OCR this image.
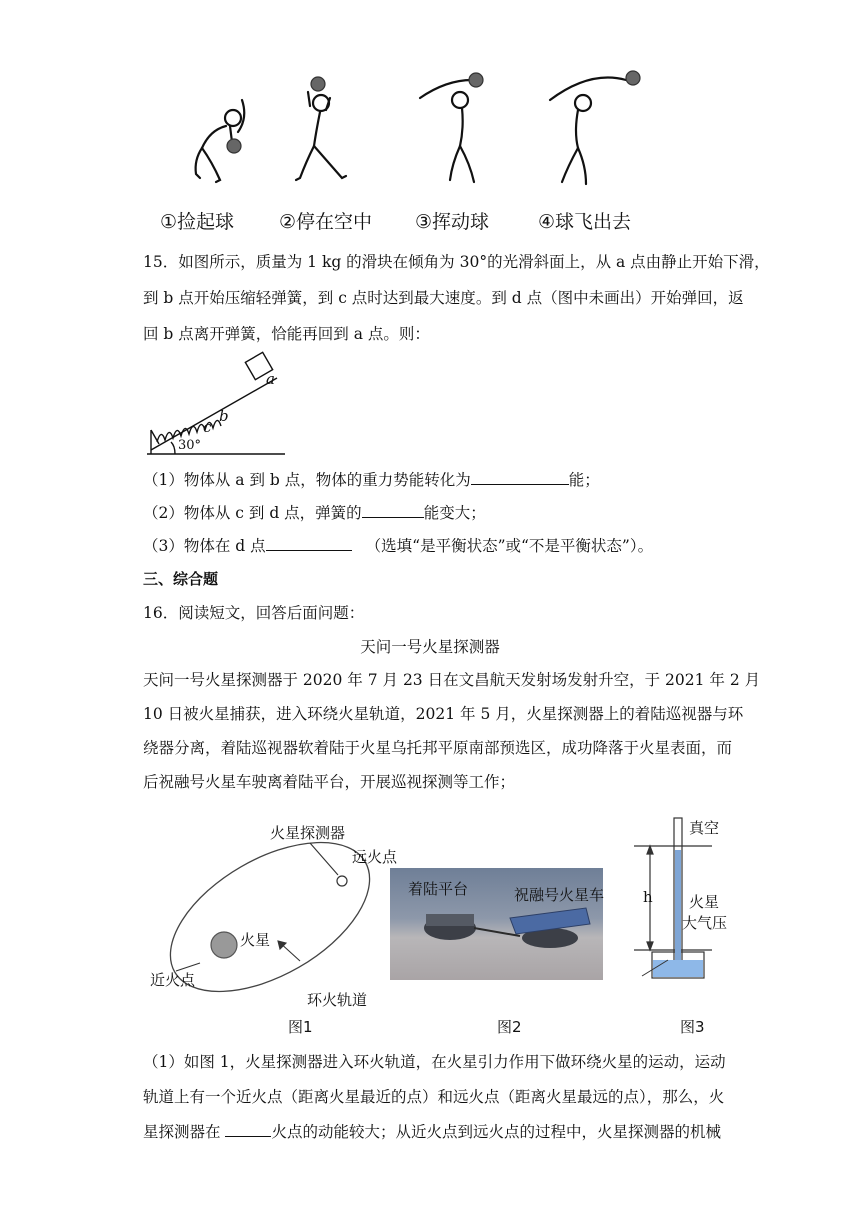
①捡起球 ②停在空中 ③挥动球	④球飞出去
15．如图所示，质量为 1 kg 的滑块在倾角为 30°的光滑斜面上，从 a 点由静止开始下滑，
到 b 点开始压缩轻弹簧，到 c 点时达到最大速度。到 d 点（图中未画出）开始弹回，返
回 b 点离开弹簧，恰能再回到 a 点。则：
a
b
c
30°
（1）物体从 a 到 b 点，物体的重力势能转化为	能；
（2）物体从 c 到 d 点，弹簧的	能变大；
（3）物体在 d 点	（选填“是平衡状态”或“不是平衡状态”）。
三、综合题
16．阅读短文，回答后面问题：
天问一号火星探测器
天问一号火星探测器于 2020 年 7 月 23 日在文昌航天发射场发射升空，于 2021 年 2 月
10 日被火星捕获，进入环绕火星轨道，2021 年 5 月，火星探测器上的着陆巡视器与环
绕器分离，着陆巡视器软着陆于火星乌托邦平原南部预选区，成功降落于火星表面，而
后祝融号火星车驶离着陆平台，开展巡视探测等工作；
火星探测器
远火点
火星
近火点
环火轨道
图1
着陆平台	祝融号火星车
图2
真空
h 火星
大气压
图3
（1）如图 1，火星探测器进入环火轨道，在火星引力作用下做环绕火星的运动，运动
轨道上有一个近火点（距离火星最近的点）和远火点（距离火星最远的点），那么，火
星探测器在	火点的动能较大；从近火点到远火点的过程中，火星探测器的机械
